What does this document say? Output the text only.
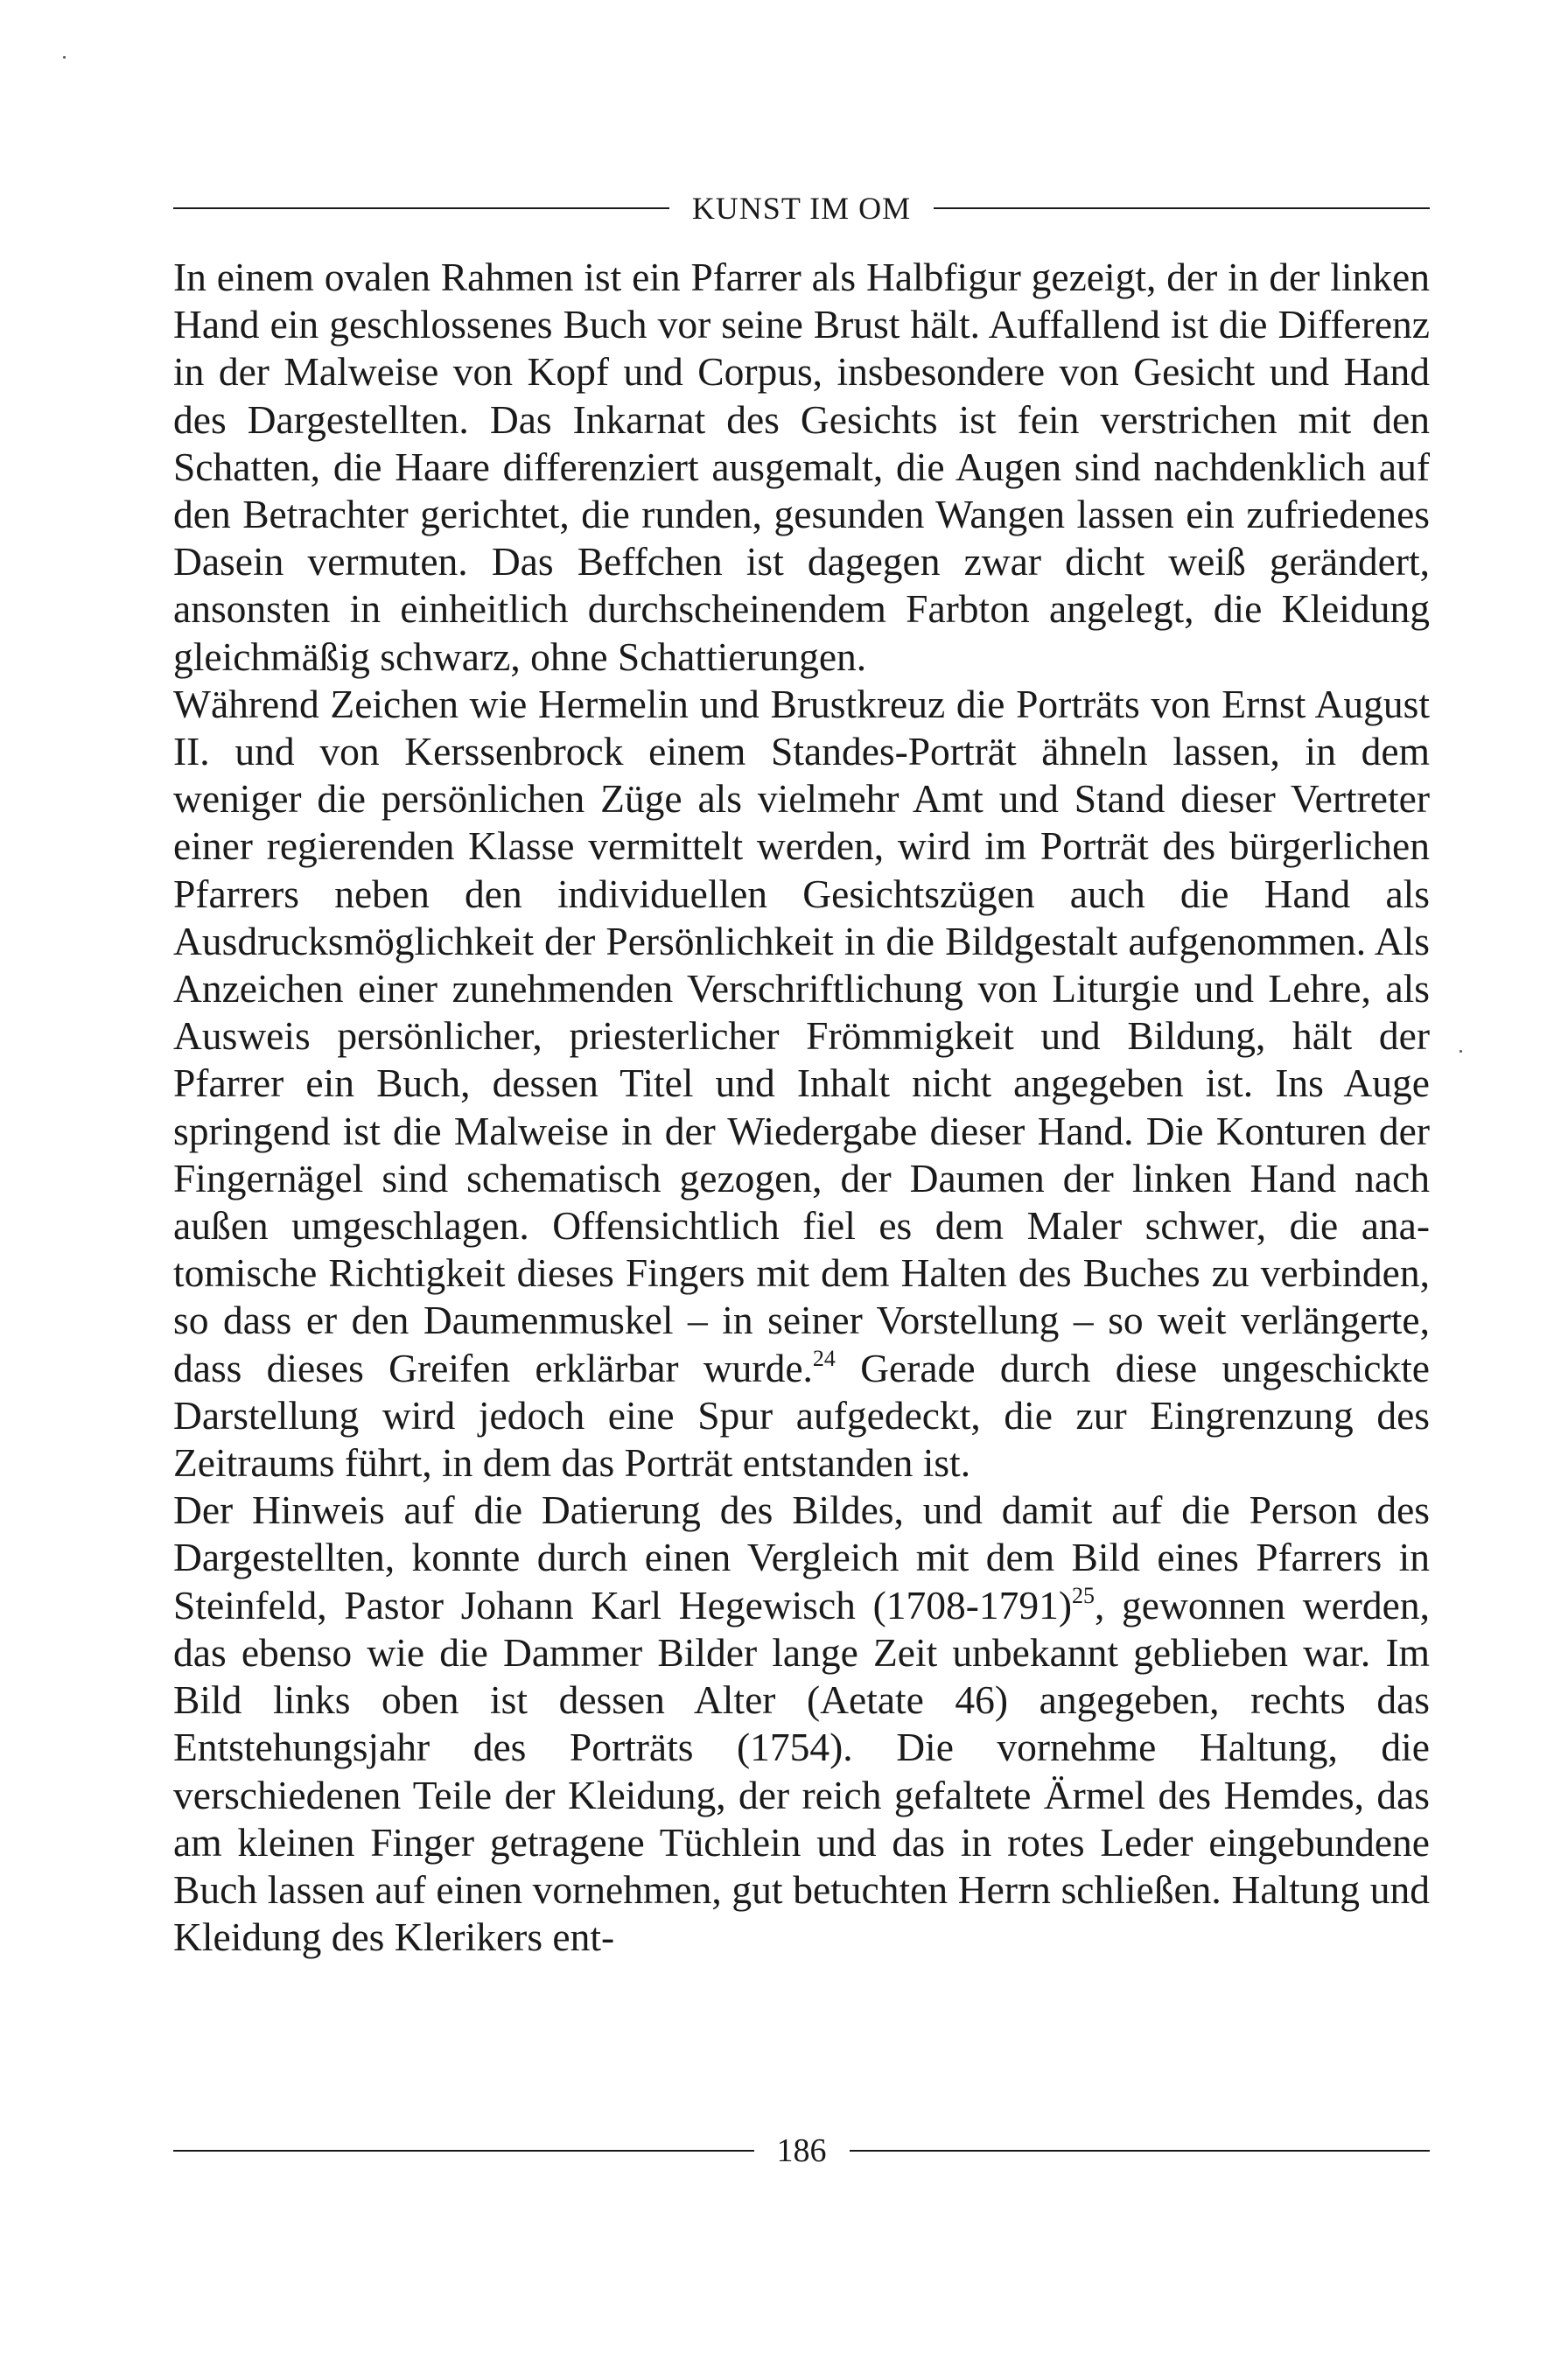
KUNST IM OM

In einem ovalen Rahmen ist ein Pfarrer als Halbfigur gezeigt, der in der linken Hand ein geschlossenes Buch vor seine Brust hält. Auffallend ist die Differenz in der Malweise von Kopf und Corpus, insbesondere von Gesicht und Hand des Dargestellten. Das Inkarnat des Gesichts ist fein verstrichen mit den Schatten, die Haare differenziert ausgemalt, die Augen sind nachdenklich auf den Betrachter gerichtet, die runden, gesunden Wangen lassen ein zufriedenes Dasein vermuten. Das Beffchen ist dagegen zwar dicht weiß gerändert, ansonsten in einheitlich durchscheinendem Farbton angelegt, die Kleidung gleichmäßig schwarz, ohne Schattierungen.

Während Zeichen wie Hermelin und Brustkreuz die Porträts von Ernst August II. und von Kerssenbrock einem Standes-Porträt ähneln lassen, in dem weniger die persönlichen Züge als vielmehr Amt und Stand dieser Vertreter einer regierenden Klasse vermittelt werden, wird im Porträt des bürgerlichen Pfarrers neben den individuellen Gesichtszügen auch die Hand als Ausdrucksmöglichkeit der Persönlichkeit in die Bildgestalt aufgenommen. Als Anzeichen einer zunehmenden Verschriftlichung von Liturgie und Lehre, als Ausweis persönlicher, priesterlicher Frömmigkeit und Bildung, hält der Pfarrer ein Buch, dessen Titel und Inhalt nicht angegeben ist. Ins Auge springend ist die Malweise in der Wiedergabe dieser Hand. Die Konturen der Fingernägel sind schematisch gezogen, der Daumen der linken Hand nach außen umgeschlagen. Offensichtlich fiel es dem Maler schwer, die anatomische Richtigkeit dieses Fingers mit dem Halten des Buches zu verbinden, so dass er den Daumenmuskel – in seiner Vorstellung – so weit verlängerte, dass dieses Greifen erklärbar wurde.$^{24}$ Gerade durch diese ungeschickte Darstellung wird jedoch eine Spur aufgedeckt, die zur Eingrenzung des Zeitraums führt, in dem das Porträt entstanden ist.

Der Hinweis auf die Datierung des Bildes, und damit auf die Person des Dargestellten, konnte durch einen Vergleich mit dem Bild eines Pfarrers in Steinfeld, Pastor Johann Karl Hegewisch (1708-1791)$^{25}$, gewonnen werden, das ebenso wie die Dammer Bilder lange Zeit unbekannt geblieben war. Im Bild links oben ist dessen Alter (Aetate 46) angegeben, rechts das Entstehungsjahr des Porträts (1754). Die vornehme Haltung, die verschiedenen Teile der Kleidung, der reich gefaltete Ärmel des Hemdes, das am kleinen Finger getragene Tüchlein und das in rotes Leder eingebundene Buch lassen auf einen vornehmen, gut betuchten Herrn schließen. Haltung und Kleidung des Klerikers ent-

186
